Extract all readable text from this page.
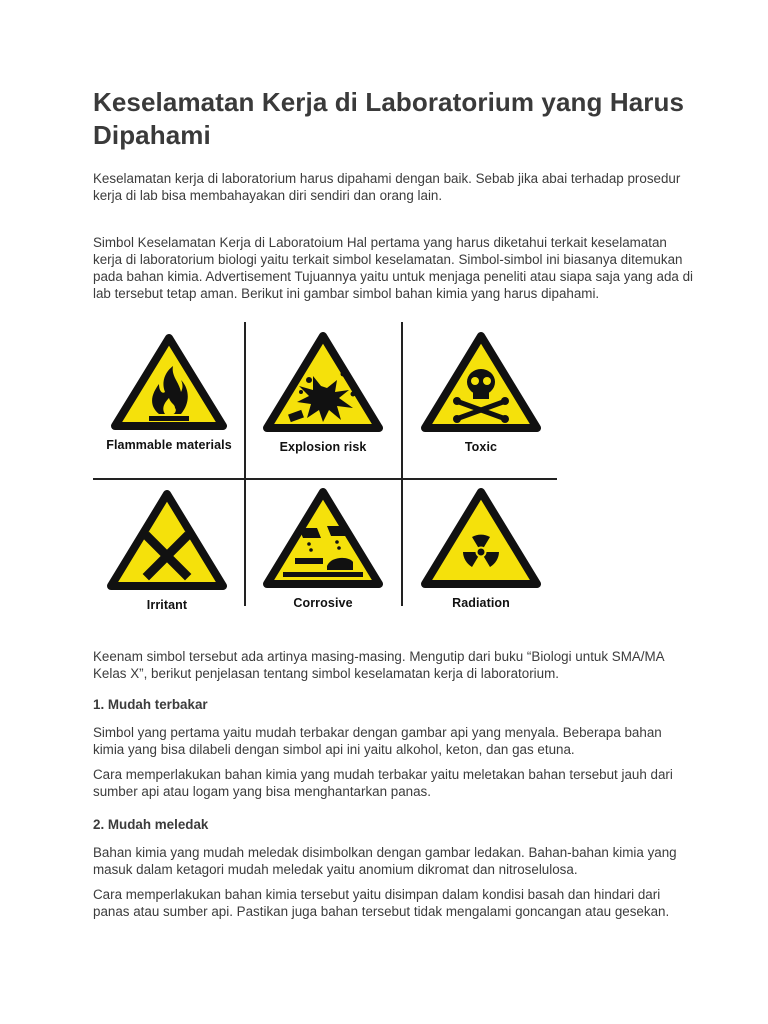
Keselamatan Kerja di Laboratorium yang Harus Dipahami

Keselamatan kerja di laboratorium harus dipahami dengan baik. Sebab jika abai terhadap prosedur kerja di lab bisa membahayakan diri sendiri dan orang lain.

Simbol Keselamatan Kerja di Laboratoium Hal pertama yang harus diketahui terkait keselamatan kerja di laboratorium biologi yaitu terkait simbol keselamatan. Simbol-simbol ini biasanya ditemukan pada bahan kimia. Advertisement Tujuannya yaitu untuk menjaga peneliti atau siapa saja yang ada di lab tersebut tetap aman. Berikut ini gambar simbol bahan kimia yang harus dipahami.

Flammable materials	Explosion risk	Toxic
Irritant	Corrosive	Radiation

Keenam simbol tersebut ada artinya masing-masing. Mengutip dari buku “Biologi untuk SMA/MA Kelas X”, berikut penjelasan tentang simbol keselamatan kerja di laboratorium.

1. Mudah terbakar

Simbol yang pertama yaitu mudah terbakar dengan gambar api yang menyala. Beberapa bahan kimia yang bisa dilabeli dengan simbol api ini yaitu alkohol, keton, dan gas etuna.

Cara memperlakukan bahan kimia yang mudah terbakar yaitu meletakan bahan tersebut jauh dari sumber api atau logam yang bisa menghantarkan panas.

2. Mudah meledak

Bahan kimia yang mudah meledak disimbolkan dengan gambar ledakan. Bahan-bahan kimia yang masuk dalam ketagori mudah meledak yaitu anomium dikromat dan nitroselulosa.

Cara memperlakukan bahan kimia tersebut yaitu disimpan dalam kondisi basah dan hindari dari panas atau sumber api. Pastikan juga bahan tersebut tidak mengalami goncangan atau gesekan.
